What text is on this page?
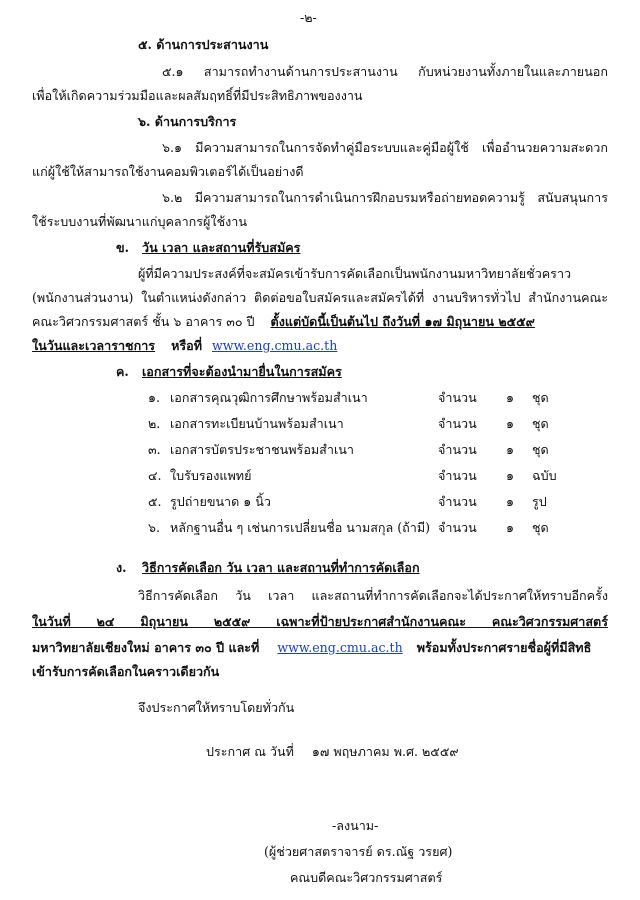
-๒-
๕. ด้านการประสานงาน
๕.๑ สามารถทำงานด้านการประสานงาน กับหน่วยงานทั้งภายในและภายนอก
เพื่อให้เกิดความร่วมมือและผลสัมฤทธิ์ที่มีประสิทธิภาพของงาน
๖. ด้านการบริการ
๖.๑ มีความสามารถในการจัดทำคู่มือระบบและคู่มือผู้ใช้ เพื่ออำนวยความสะดวก
แก่ผู้ใช้ให้สามารถใช้งานคอมพิวเตอร์ได้เป็นอย่างดี
๖.๒ มีความสามารถในการดำเนินการฝึกอบรมหรือถ่ายทอดความรู้ สนับสนุนการ
ใช้ระบบงานที่พัฒนาแก่บุคลากรผู้ใช้งาน
ข. วัน เวลา และสถานที่รับสมัคร
ผู้ที่มีความประสงค์ที่จะสมัครเข้ารับการคัดเลือกเป็นพนักงานมหาวิทยาลัยชั่วคราว
(พนักงานส่วนงาน) ในตำแหน่งดังกล่าว ติดต่อขอใบสมัครและสมัครได้ที่ งานบริหารทั่วไป สำนักงานคณะ
คณะวิศวกรรมศาสตร์ ชั้น ๖ อาคาร ๓๐ ปี ตั้งแต่บัดนี้เป็นต้นไป ถึงวันที่ ๑๗ มิถุนายน ๒๕๕๙
ในวันและเวลาราชการ หรือที่ www.eng.cmu.ac.th
ค. เอกสารที่จะต้องนำมายื่นในการสมัคร
๑. เอกสารคุณวุฒิการศึกษาพร้อมสำเนา	จำนวน ๑ ชุด
๒. เอกสารทะเบียนบ้านพร้อมสำเนา	จำนวน ๑ ชุด
๓. เอกสารบัตรประชาชนพร้อมสำเนา	จำนวน ๑ ชุด
๔. ใบรับรองแพทย์	จำนวน ๑ ฉบับ
๕. รูปถ่ายขนาด ๑ นิ้ว	จำนวน ๑ รูป
๖. หลักฐานอื่น ๆ เช่นการเปลี่ยนชื่อ นามสกุล (ถ้ามี) จำนวน ๑ ชุด
ง. วิธีการคัดเลือก วัน เวลา และสถานที่ทำการคัดเลือก
วิธีการคัดเลือก วัน เวลา และสถานที่ทำการคัดเลือกจะได้ประกาศให้ทราบอีกครั้ง
ในวันที่ ๒๔ มิถุนายน ๒๕๕๙ เฉพาะที่ป้ายประกาศสำนักงานคณะ คณะวิศวกรรมศาสตร์
มหาวิทยาลัยเชียงใหม่ อาคาร ๓๐ ปี และที่ www.eng.cmu.ac.th พร้อมทั้งประกาศรายชื่อผู้ที่มีสิทธิ
เข้ารับการคัดเลือกในคราวเดียวกัน
จึงประกาศให้ทราบโดยทั่วกัน
ประกาศ ณ วันที่ ๑๗ พฤษภาคม พ.ศ. ๒๕๕๙
-ลงนาม-
(ผู้ช่วยศาสตราจารย์ ดร.ณัฐ วรยศ)
คณบดีคณะวิศวกรรมศาสตร์
